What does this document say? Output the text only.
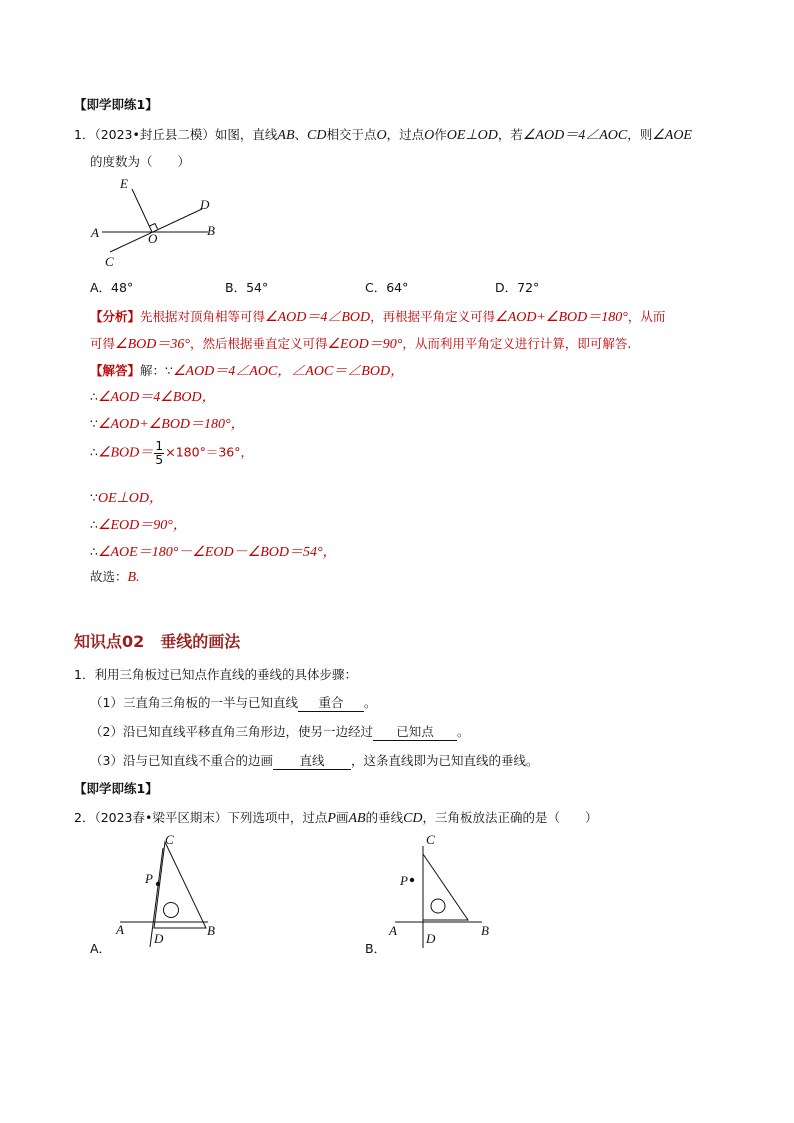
【即学即练1】
1．（2023•封丘县二模）如图，直线AB、CD相交于点O，过点O作OE⊥OD，若∠AOD＝4∠AOC，则∠AOE
的度数为（　　）
E
D
A	O
B
C
A．48°	B．54°	C．64°	D．72°
【分析】先根据对顶角相等可得∠AOD＝4∠BOD，再根据平角定义可得∠AOD+∠BOD＝180°，从而
可得∠BOD＝36°，然后根据垂直定义可得∠EOD＝90°，从而利用平角定义进行计算，即可解答.
【解答】解：∵∠AOD＝4∠AOC，∠AOC＝∠BOD，
∴∠AOD＝4∠BOD，
∵∠AOD+∠BOD＝180°，
∴∠BOD＝ $\frac{1}{5} \times 180^\circ=36^\circ$，
∵OE⊥OD，
∴∠EOD＝90°，
∴∠AOE＝180°－∠EOD－∠BOD＝54°，
故选：B.
知识点02　垂线的画法
1．利用三角板过已知点作直线的垂线的具体步骤：
（1）三直角三角板的一半与已知直线 重合 。
（2）沿已知直线平移直角三角形边，使另一边经过 已知点 。
（3）沿与已知直线不重合的边画 直线 ，这条直线即为已知直线的垂线。
【即学即练1】
2．（2023春•梁平区期末）下列选项中，过点P画AB的垂线CD，三角板放法正确的是（　　）
C
P
A
D
B
A．
C
P
A
D
B
B．
